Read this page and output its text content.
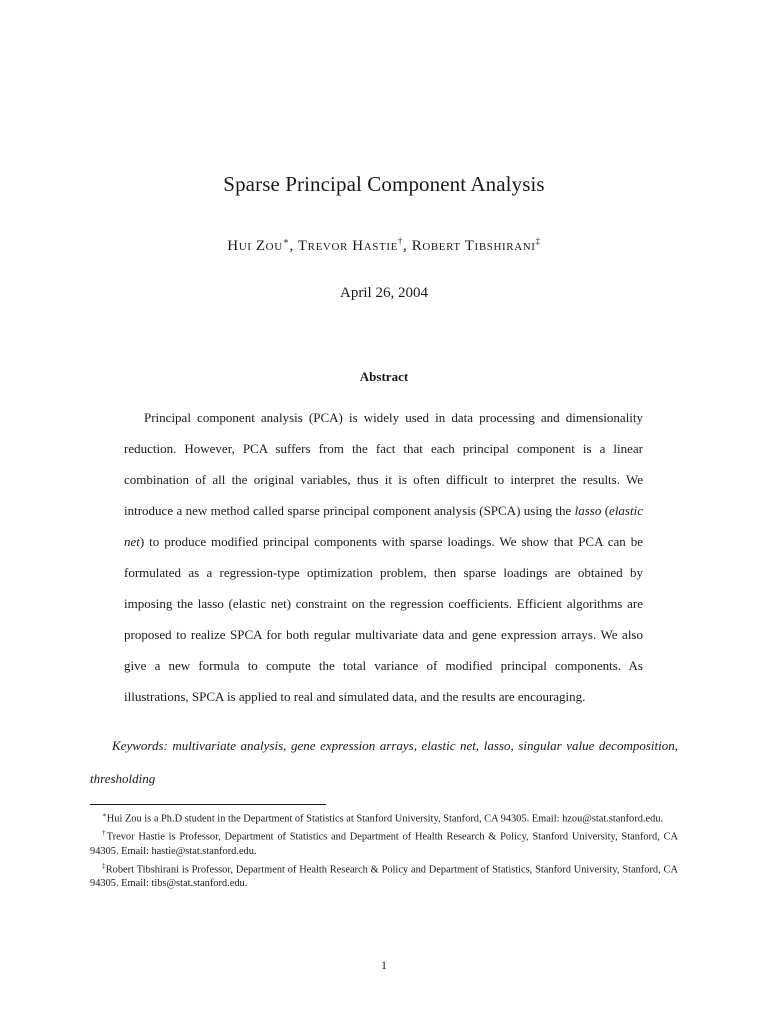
Sparse Principal Component Analysis
Hui Zou∗, Trevor Hastie†, Robert Tibshirani‡
April 26, 2004
Abstract

Principal component analysis (PCA) is widely used in data processing and dimensionality reduction. However, PCA suffers from the fact that each principal component is a linear combination of all the original variables, thus it is often difficult to interpret the results. We introduce a new method called sparse principal component analysis (SPCA) using the lasso (elastic net) to produce modified principal components with sparse loadings. We show that PCA can be formulated as a regression-type optimization problem, then sparse loadings are obtained by imposing the lasso (elastic net) constraint on the regression coefficients. Efficient algorithms are proposed to realize SPCA for both regular multivariate data and gene expression arrays. We also give a new formula to compute the total variance of modified principal components. As illustrations, SPCA is applied to real and simulated data, and the results are encouraging.

Keywords: multivariate analysis, gene expression arrays, elastic net, lasso, singular value decomposition, thresholding

∗Hui Zou is a Ph.D student in the Department of Statistics at Stanford University, Stanford, CA 94305. Email: hzou@stat.stanford.edu.

†Trevor Hastie is Professor, Department of Statistics and Department of Health Research & Policy, Stanford University, Stanford, CA 94305. Email: hastie@stat.stanford.edu.

‡Robert Tibshirani is Professor, Department of Health Research & Policy and Department of Statistics, Stanford University, Stanford, CA 94305. Email: tibs@stat.stanford.edu.

1
